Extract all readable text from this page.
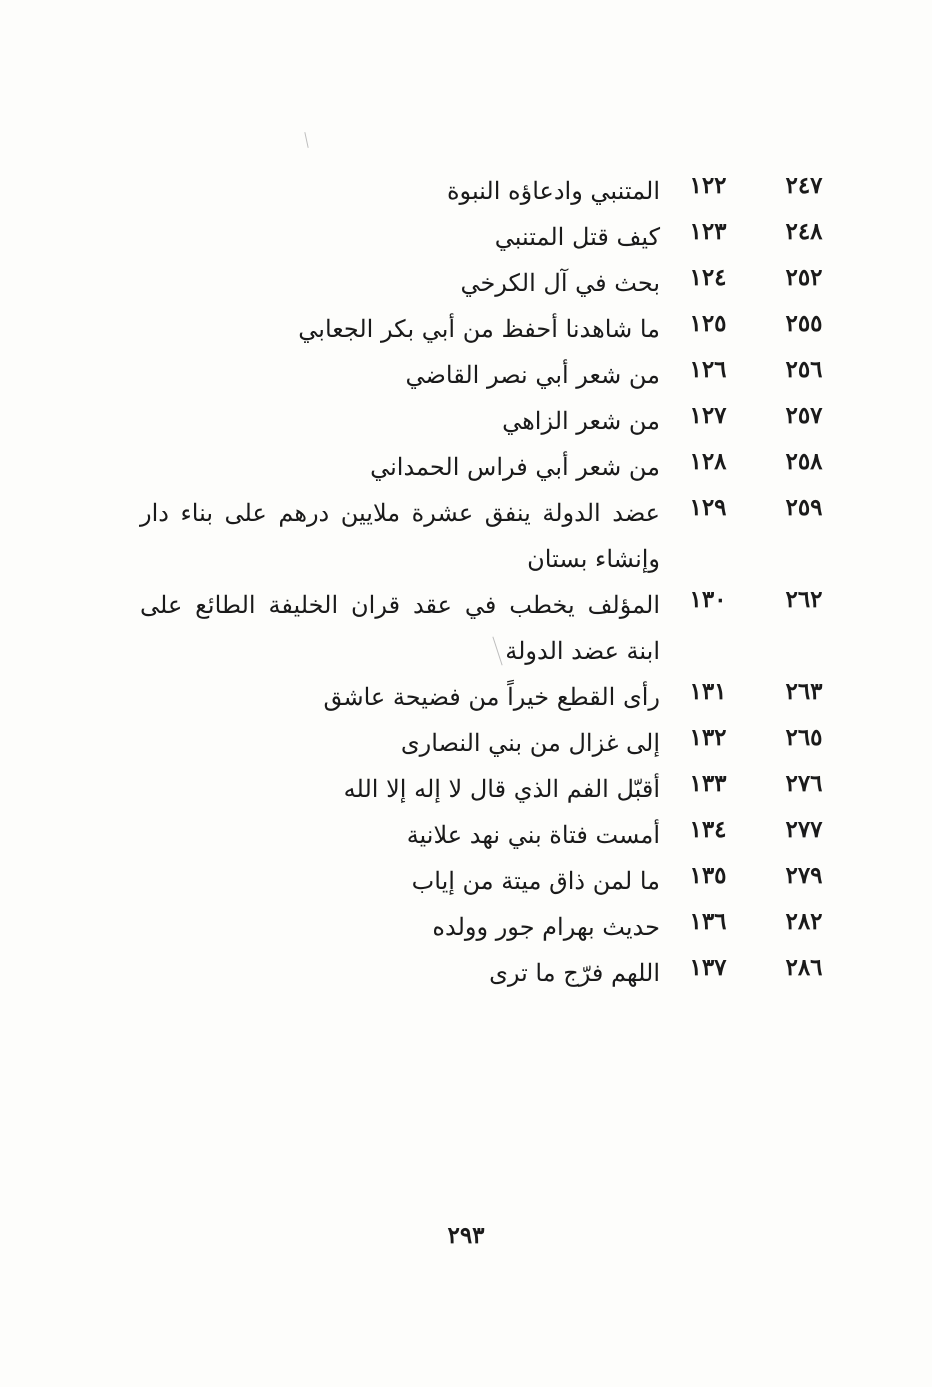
٢٤٧
١٢٢
المتنبي وادعاؤه النبوة
٢٤٨
١٢٣
كيف قتل المتنبي
٢٥٢
١٢٤
بحث في آل الكرخي
٢٥٥
١٢٥
ما شاهدنا أحفظ من أبي بكر الجعابي
٢٥٦
١٢٦
من شعر أبي نصر القاضي
٢٥٧
١٢٧
من شعر الزاهي
٢٥٨
١٢٨
من شعر أبي فراس الحمداني
٢٥٩
١٢٩
عضد الدولة ينفق عشرة ملايين درهم على بناء دار وإنشاء بستان
٢٦٢
١٣٠
المؤلف يخطب في عقد قران الخليفة الطائع على ابنة عضد الدولة
٢٦٣
١٣١
رأى القطع خيراً من فضيحة عاشق
٢٦٥
١٣٢
إلى غزال من بني النصارى
٢٧٦
١٣٣
أقبّل الفم الذي قال لا إله إلا الله
٢٧٧
١٣٤
أمست فتاة بني نهد علانية
٢٧٩
١٣٥
ما لمن ذاق ميتة من إياب
٢٨٢
١٣٦
حديث بهرام جور وولده
٢٨٦
١٣٧
اللهم فرّج ما ترى
٢٩٣
